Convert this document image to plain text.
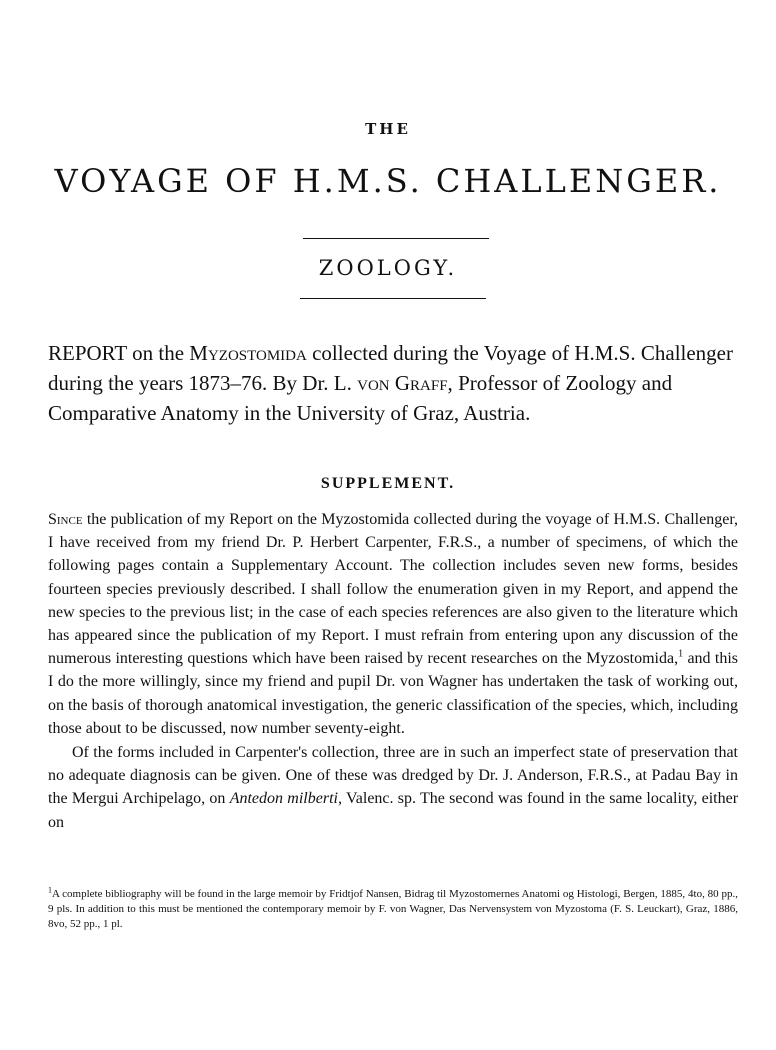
THE
VOYAGE OF H.M.S. CHALLENGER.
ZOOLOGY.
REPORT on the Myzostomida collected during the Voyage of H.M.S. Challenger during the years 1873–76. By Dr. L. von Graff, Professor of Zoology and Comparative Anatomy in the University of Graz, Austria.
SUPPLEMENT.

Since the publication of my Report on the Myzostomida collected during the voyage of H.M.S. Challenger, I have received from my friend Dr. P. Herbert Carpenter, F.R.S., a number of specimens, of which the following pages contain a Supplementary Account. The collection includes seven new forms, besides fourteen species previously described. I shall follow the enumeration given in my Report, and append the new species to the previous list; in the case of each species references are also given to the literature which has appeared since the publication of my Report. I must refrain from entering upon any discussion of the numerous interesting questions which have been raised by recent researches on the Myzostomida,$^1$ and this I do the more willingly, since my friend and pupil Dr. von Wagner has undertaken the task of working out, on the basis of thorough anatomical investigation, the generic classification of the species, which, including those about to be discussed, now number seventy-eight.

Of the forms included in Carpenter's collection, three are in such an imperfect state of preservation that no adequate diagnosis can be given. One of these was dredged by Dr. J. Anderson, F.R.S., at Padau Bay in the Mergui Archipelago, on Antedon milberti, Valenc. sp. The second was found in the same locality, either on

$^1$A complete bibliography will be found in the large memoir by Fridtjof Nansen, Bidrag til Myzostomernes Anatomi og Histologi, Bergen, 1885, 4to, 80 pp., 9 pls. In addition to this must be mentioned the contemporary memoir by F. von Wagner, Das Nervensystem von Myzostoma (F. S. Leuckart), Graz, 1886, 8vo, 52 pp., 1 pl.
